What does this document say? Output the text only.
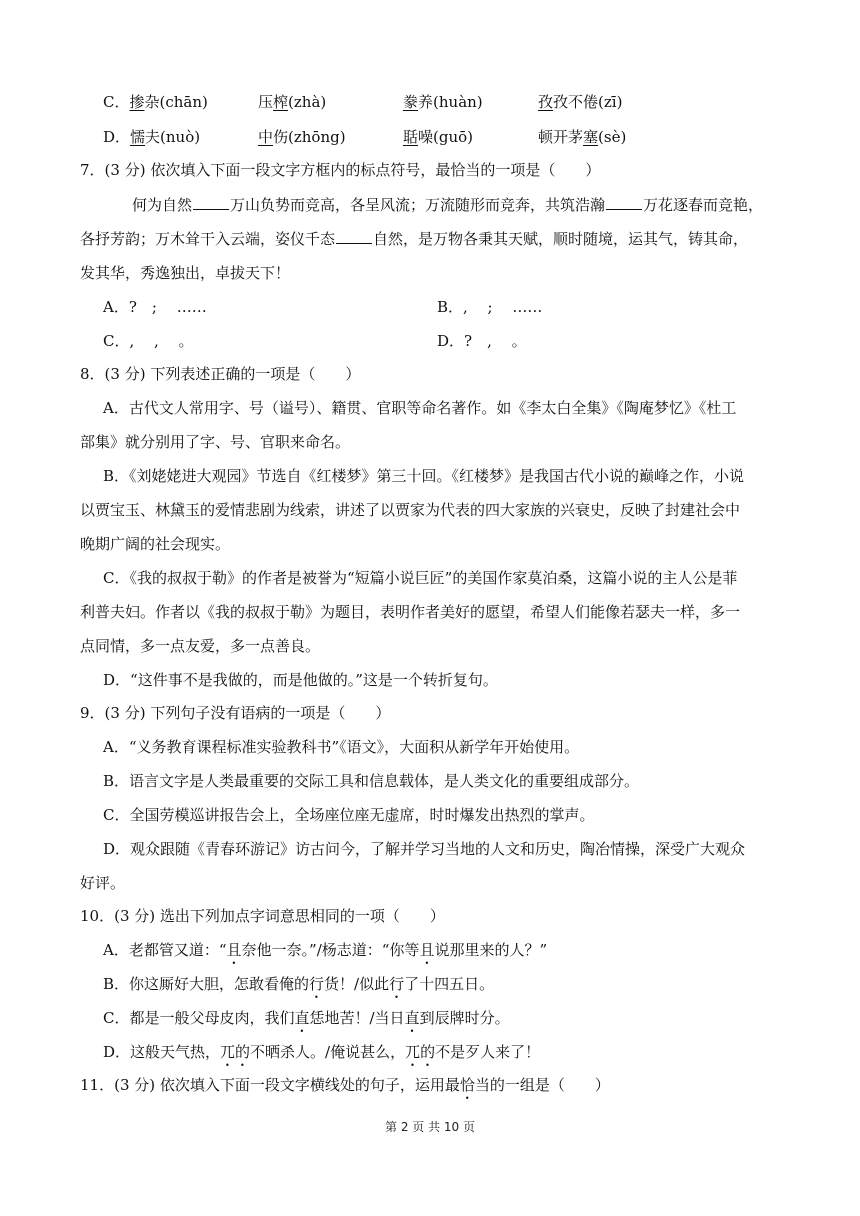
C．掺杂(chān)	压榨(zhà)	豢养(huàn)	孜孜不倦(zī)
D．懦夫(nuò)	中伤(zhōng)	聒噪(guō)	顿开茅塞(sè)
7．(3 分) 依次填入下面一段文字方框内的标点符号，最恰当的一项是（　　）
何为自然	万山负势而竞高，各呈风流；万流随形而竞奔，共筑浩瀚	万花逐春而竞艳，
各抒芳韵；万木耸干入云端，姿仪千态	自然，是万物各秉其天赋，顺时随境，运其气，铸其命，
发其华，秀逸独出，卓拔天下！
A．?　;　 ……	B．,　 ;　 ……
C．,　 ,　 。	D．?　,　 。
8．(3 分) 下列表述正确的一项是（　　）
A．古代文人常用字、号（谥号）、籍贯、官职等命名著作。如《李太白全集》《陶庵梦忆》《杜工
部集》就分别用了字、号、官职来命名。
B．《刘姥姥进大观园》节选自《红楼梦》第三十回。《红楼梦》是我国古代小说的巅峰之作，小说
以贾宝玉、林黛玉的爱情悲剧为线索，讲述了以贾家为代表的四大家族的兴衰史，反映了封建社会中
晚期广阔的社会现实。
C．《我的叔叔于勒》的作者是被誉为“短篇小说巨匠”的美国作家莫泊桑，这篇小说的主人公是菲
利普夫妇。作者以《我的叔叔于勒》为题目，表明作者美好的愿望，希望人们能像若瑟夫一样，多一
点同情，多一点友爱，多一点善良。
D．“这件事不是我做的，而是他做的。”这是一个转折复句。
9．(3 分) 下列句子没有语病的一项是（　　）
A．“义务教育课程标准实验教科书”《语文》，大面积从新学年开始使用。
B．语言文字是人类最重要的交际工具和信息载体，是人类文化的重要组成部分。
C．全国劳模巡讲报告会上，全场座位座无虚席，时时爆发出热烈的掌声。
D．观众跟随《青春环游记》访古问今，了解并学习当地的人文和历史，陶冶情操，深受广大观众
好评。
10．(3 分) 选出下列加点字词意思相同的一项（　　）
A．老都管又道：“且奈他一奈。”/杨志道：“你等且说那里来的人？”
B．你这厮好大胆，怎敢看俺的行货！/似此行了十四五日。
C．都是一般父母皮肉，我们直恁地苦！/当日直到辰牌时分。
D．这般天气热，兀的不晒杀人。/俺说甚么，兀的不是歹人来了！
11．(3 分) 依次填入下面一段文字横线处的句子，运用最恰当的一组是（　　）
第 2 页 共 10 页
